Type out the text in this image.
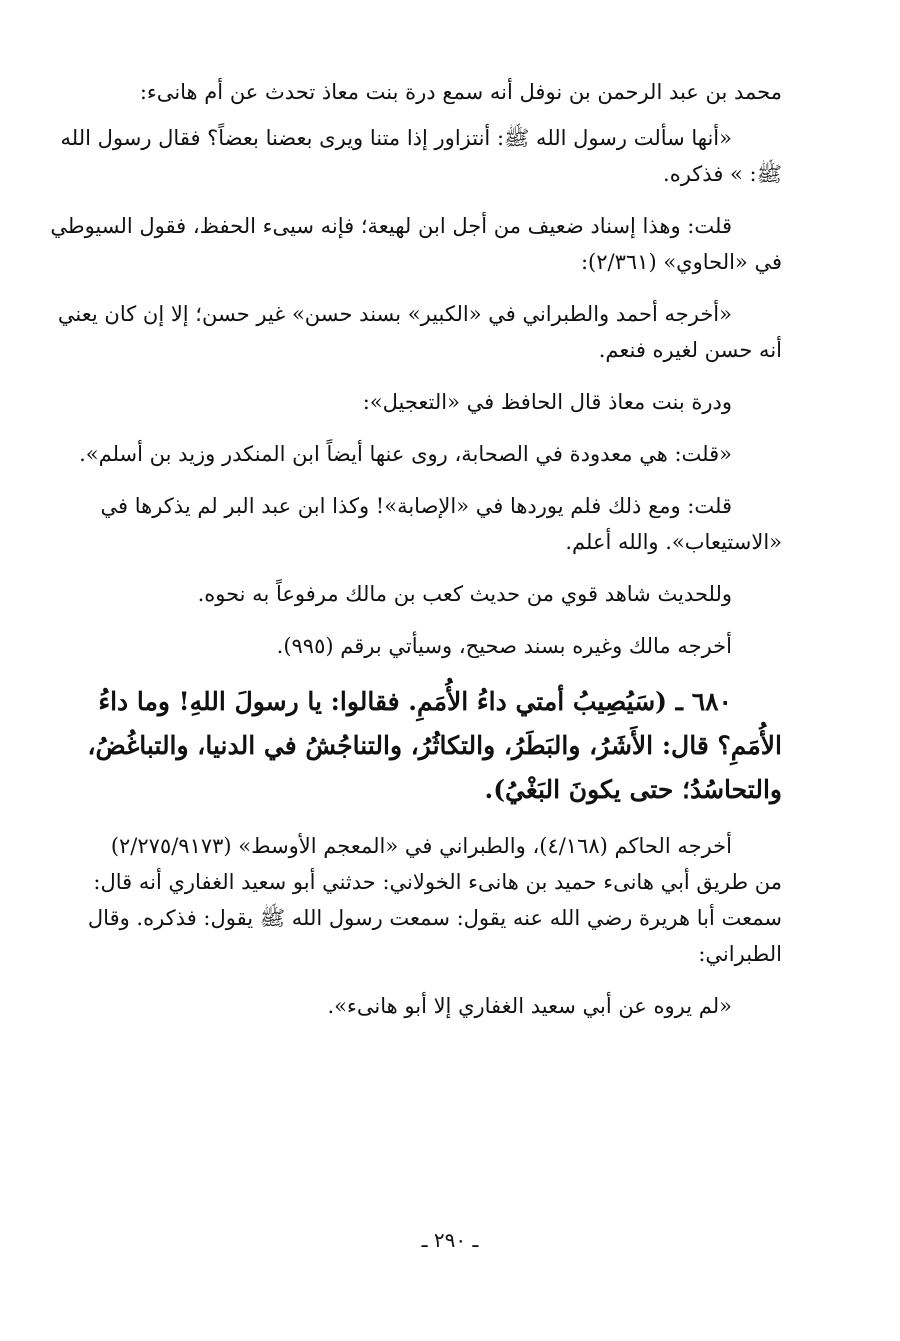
محمد بن عبد الرحمن بن نوفل أنه سمع درة بنت معاذ تحدث عن أم هانىء:
«أنها سألت رسول الله ﷺ: أنتزاور إذا متنا ويرى بعضنا بعضاً؟ فقال رسول الله
ﷺ: » فذكره.
قلت: وهذا إسناد ضعيف من أجل ابن لهيعة؛ فإنه سيىء الحفظ، فقول السيوطي
في «الحاوي» (٢/٣٦١):
«أخرجه أحمد والطبراني في «الكبير» بسند حسن» غير حسن؛ إلا إن كان يعني
أنه حسن لغيره فنعم.
ودرة بنت معاذ قال الحافظ في «التعجيل»:
«قلت: هي معدودة في الصحابة، روى عنها أيضاً ابن المنكدر وزيد بن أسلم».
قلت: ومع ذلك فلم يوردها في «الإصابة»! وكذا ابن عبد البر لم يذكرها في
«الاستيعاب». والله أعلم.
وللحديث شاهد قوي من حديث كعب بن مالك مرفوعاً به نحوه.
أخرجه مالك وغيره بسند صحيح، وسيأتي برقم (٩٩٥).
٦٨٠ ـ (سَيُصِيبُ أمتي داءُ الأُمَمِ. فقالوا: يا رسولَ اللهِ! وما داءُ
الأُمَمِ؟ قال: الأَشَرُ، والبَطَرُ، والتكاثُرُ، والتناجُشُ في الدنيا، والتباغُضُ،
والتحاسُدُ؛ حتى يكونَ البَغْيُ).
أخرجه الحاكم (٤/١٦٨)، والطبراني في «المعجم الأوسط» (٢/٢٧٥/٩١٧٣)
من طريق أبي هانىء حميد بن هانىء الخولاني: حدثني أبو سعيد الغفاري أنه قال:
سمعت أبا هريرة رضي الله عنه يقول: سمعت رسول الله ﷺ يقول: فذكره. وقال
الطبراني:
«لم يروه عن أبي سعيد الغفاري إلا أبو هانىء».
ـ ٢٩٠ ـ
